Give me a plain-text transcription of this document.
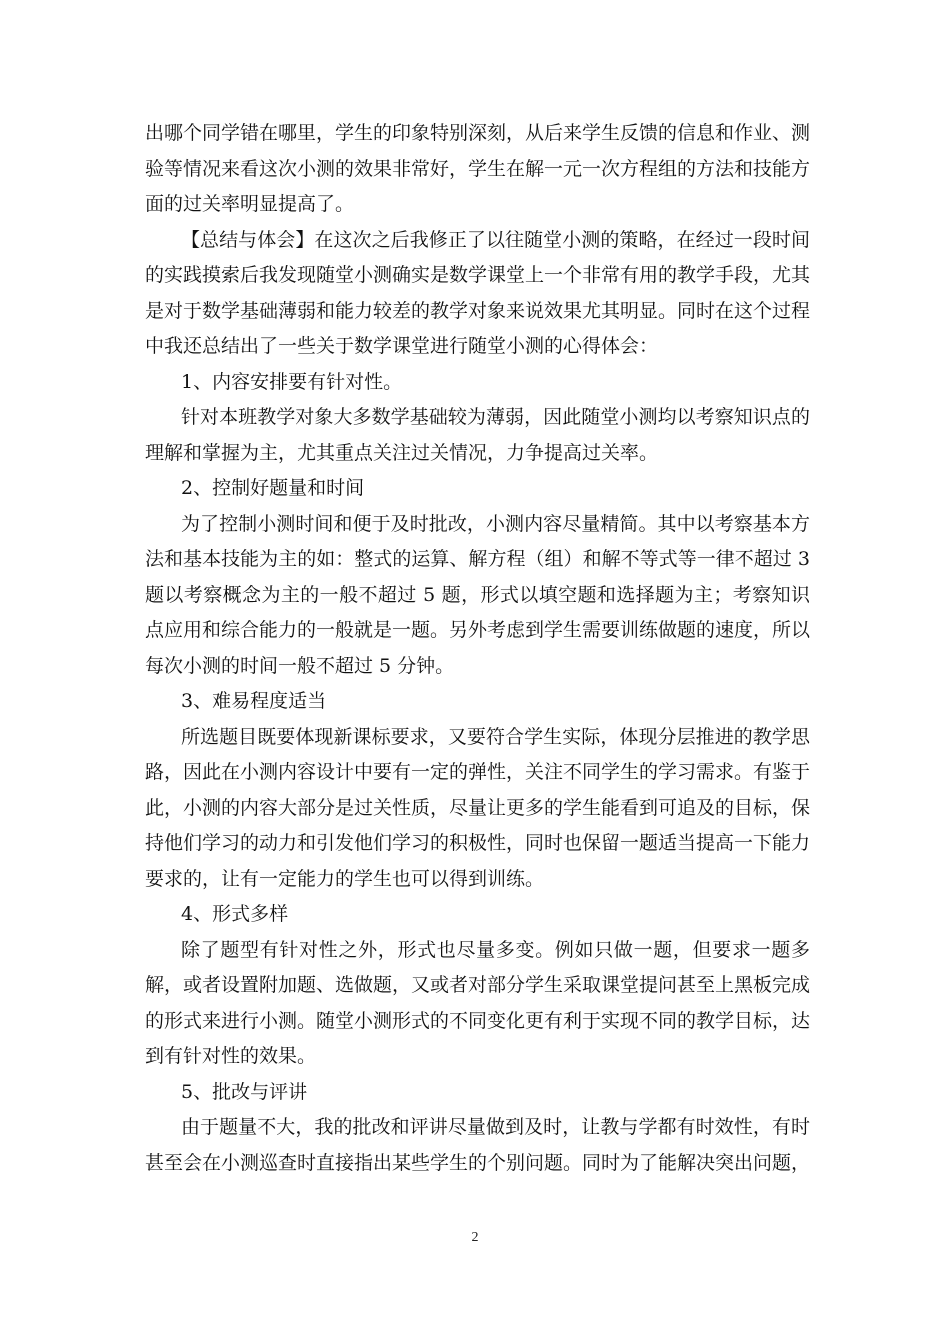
出哪个同学错在哪里，学生的印象特别深刻，从后来学生反馈的信息和作业、测验等情况来看这次小测的效果非常好，学生在解一元一次方程组的方法和技能方面的过关率明显提高了。

【总结与体会】在这次之后我修正了以往随堂小测的策略，在经过一段时间的实践摸索后我发现随堂小测确实是数学课堂上一个非常有用的教学手段，尤其是对于数学基础薄弱和能力较差的教学对象来说效果尤其明显。同时在这个过程中我还总结出了一些关于数学课堂进行随堂小测的心得体会：

1、内容安排要有针对性。

针对本班教学对象大多数学基础较为薄弱，因此随堂小测均以考察知识点的理解和掌握为主，尤其重点关注过关情况，力争提高过关率。

2、控制好题量和时间

为了控制小测时间和便于及时批改，小测内容尽量精简。其中以考察基本方法和基本技能为主的如：整式的运算、解方程（组）和解不等式等一律不超过 3 题以考察概念为主的一般不超过 5 题，形式以填空题和选择题为主；考察知识点应用和综合能力的一般就是一题。另外考虑到学生需要训练做题的速度，所以每次小测的时间一般不超过 5 分钟。

3、难易程度适当

所选题目既要体现新课标要求，又要符合学生实际，体现分层推进的教学思路，因此在小测内容设计中要有一定的弹性，关注不同学生的学习需求。有鉴于此，小测的内容大部分是过关性质，尽量让更多的学生能看到可追及的目标，保持他们学习的动力和引发他们学习的积极性，同时也保留一题适当提高一下能力要求的，让有一定能力的学生也可以得到训练。

4、形式多样

除了题型有针对性之外，形式也尽量多变。例如只做一题，但要求一题多解，或者设置附加题、选做题，又或者对部分学生采取课堂提问甚至上黑板完成的形式来进行小测。随堂小测形式的不同变化更有利于实现不同的教学目标，达到有针对性的效果。

5、批改与评讲

由于题量不大，我的批改和评讲尽量做到及时，让教与学都有时效性，有时甚至会在小测巡查时直接指出某些学生的个别问题。同时为了能解决突出问题，

2
